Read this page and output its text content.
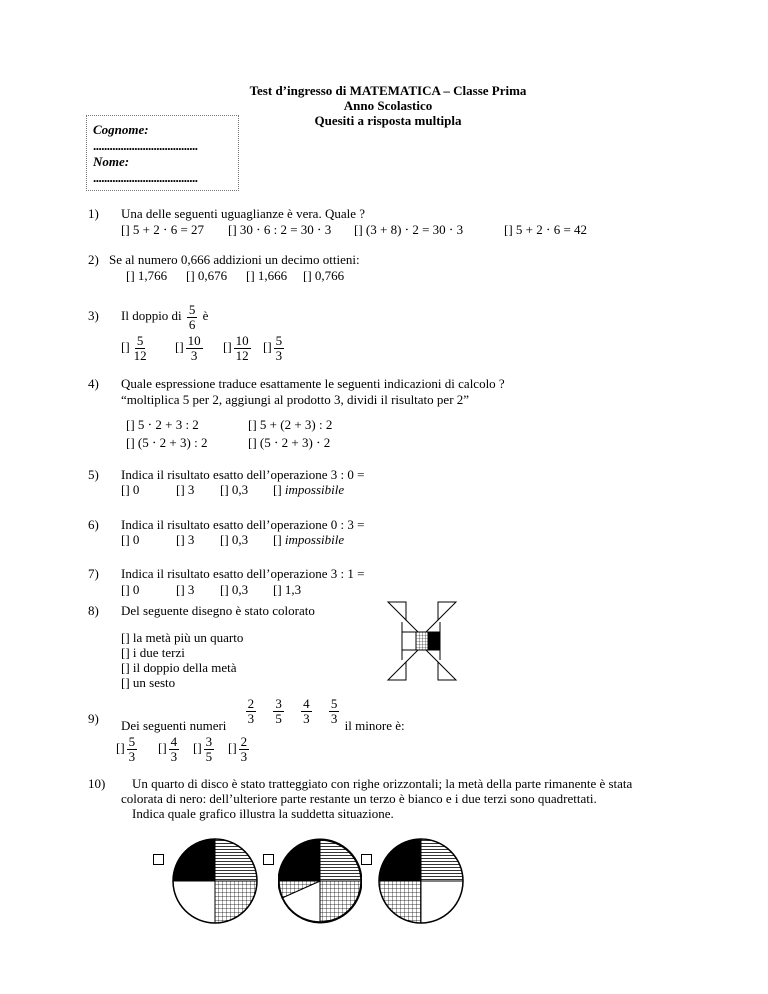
Test d’ingresso di MATEMATICA – Classe Prima
Anno Scolastico
Quesiti a risposta multipla
Cognome:
......................................
Nome:
......................................
1) Una delle seguenti uguaglianze è vera. Quale ?
[] 5 + 2 ⋅ 6 = 27 [] 30 ⋅ 6 : 2 = 30 ⋅ 3 [] (3 + 8) ⋅ 2 = 30 ⋅ 3	[] 5 + 2 ⋅ 6 = 42
2) Se al numero 0,666 addizioni un decimo ottieni:
[] 1,766 [] 0,676 [] 1,666 [] 0,766
3) Il doppio di $\frac{5}{6}$ è
[] $\frac{5}{12}$ [] $\frac{10}{3}$ [] $\frac{10}{12}$ [] $\frac{5}{3}$
4) Quale espressione traduce esattamente le seguenti indicazioni di calcolo ?
“moltiplica 5 per 2, aggiungi al prodotto 3, dividi il risultato per 2”
[] 5 ⋅ 2 + 3 : 2	[] 5 + (2 + 3) : 2
[] (5 ⋅ 2 + 3) : 2	[] (5 ⋅ 2 + 3) ⋅ 2
5) Indica il risultato esatto dell’operazione 3 : 0 =
[] 0	[] 3 [] 0,3 [] impossibile
6) Indica il risultato esatto dell’operazione 0 : 3 =
[] 0	[] 3 [] 0,3 [] impossibile
7) Indica il risultato esatto dell’operazione 3 : 1 =
[] 0	[] 3 [] 0,3 [] 1,3
8) Del seguente disegno è stato colorato
[] la metà più un quarto
[] i due terzi
[] il doppio della metà
[] un sesto
9) Dei seguenti numeri $\frac{2}{3}$
$\frac{3}{5}$
$\frac{4}{3}$
$\frac{5}{3}$ il minore è:
[] $\frac{5}{3}$ [] $\frac{4}{3}$ [] $\frac{3}{5}$ [] $\frac{2}{3}$
10) Un quarto di disco è stato tratteggiato con righe orizzontali; la metà della parte rimanente è stata
colorata di nero: dell’ulteriore parte restante un terzo è bianco e i due terzi sono quadrettati.
Indica quale grafico illustra la suddetta situazione.
